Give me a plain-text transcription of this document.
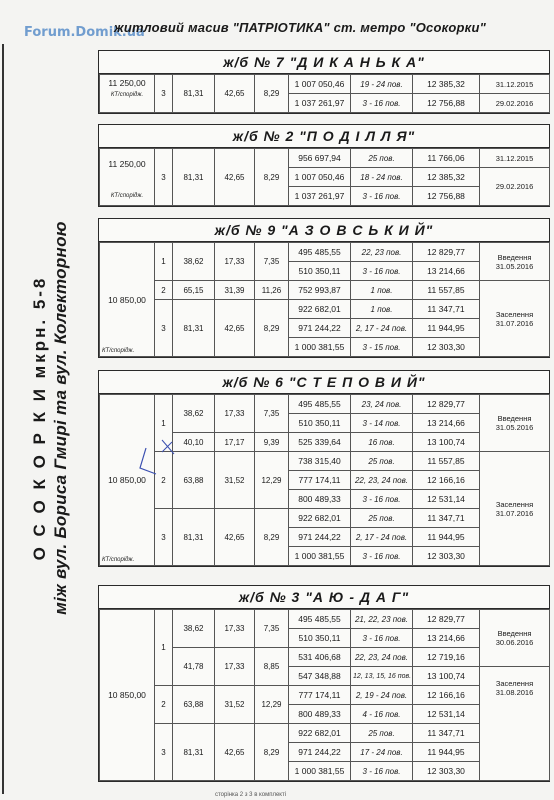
Forum.Domik.ua
житловий масив "ПАТРІОТИКА" ст. метро "Осокорки"
О С О К О Р К И мкрн. 5-8 між вул. Бориса Гмирі та вул. Колекторною
ж/б № 7 "Д И К А Н Ь К А"
11 250,00
КТ/спорідж.	3	81,31	42,65	8,29	1 007 050,46	19 - 24 пов.	12 385,32	31.12.2015
					1 037 261,97	3 - 16 пов.	12 756,88	29.02.2016
ж/б № 2 "П О Д І Л Л Я"
11 250,00

КТ/спорідж.	3	81,31	42,65	8,29	956 697,94	25 пов.	11 766,06	31.12.2015
					1 007 050,46	18 - 24 пов.	12 385,32	29.02.2016
					1 037 261,97	3 - 16 пов.	12 756,88	
ж/б № 9 "А З О В С Ь К И Й"
10 850,00
КТ/спорідж.	1	38,62	17,33	7,35	495 485,55	22, 23 пов.	12 829,77	Введення
31.05.2016
					510 350,11	3 - 16 пов.	13 214,66	
	2	65,15	31,39	11,26	752 993,87	1 пов.	11 557,85	Заселення
31.07.2016
	3	81,31	42,65	8,29	922 682,01	1 пов.	11 347,71	
					971 244,22	2, 17 - 24 пов.	11 944,95	
					1 000 381,55	3 - 15 пов.	12 303,30	
ж/б № 6 "С Т Е П О В И Й"
10 850,00
КТ/спорідж.	1	38,62	17,33	7,35	495 485,55	23, 24 пов.	12 829,77	Введення
31.05.2016
					510 350,11	3 - 14 пов.	13 214,66	
		40,10	17,17	9,39	525 339,64	16 пов.	13 100,74	
	2	63,88	31,52	12,29	738 315,40	25 пов.	11 557,85	Заселення
31.07.2016
					777 174,11	22, 23, 24 пов.	12 166,16	
					800 489,33	3 - 16 пов.	12 531,14	
	3	81,31	42,65	8,29	922 682,01	25 пов.	11 347,71	
					971 244,22	2, 17 - 24 пов.	11 944,95	
					1 000 381,55	3 - 16 пов.	12 303,30	
ж/б № 3 "А Ю - Д А Г"
10 850,00	1	38,62	17,33	7,35	495 485,55	21, 22, 23 пов.	12 829,77	Введення
30.06.2016
					510 350,11	3 - 16 пов.	13 214,66	
		41,78	17,33	8,85	531 406,68	22, 23, 24 пов.	12 719,16	
					547 348,88	12, 13, 15, 16 пов.	13 100,74	Заселення
31.08.2016
	2	63,88	31,52	12,29	777 174,11	2, 19 - 24 пов.	12 166,16	
					800 489,33	4 - 16 пов.	12 531,14	
	3	81,31	42,65	8,29	922 682,01	25 пов.	11 347,71	
					971 244,22	17 - 24 пов.	11 944,95	
					1 000 381,55	3 - 16 пов.	12 303,30	
сторінка 2 з 3 в комплекті
